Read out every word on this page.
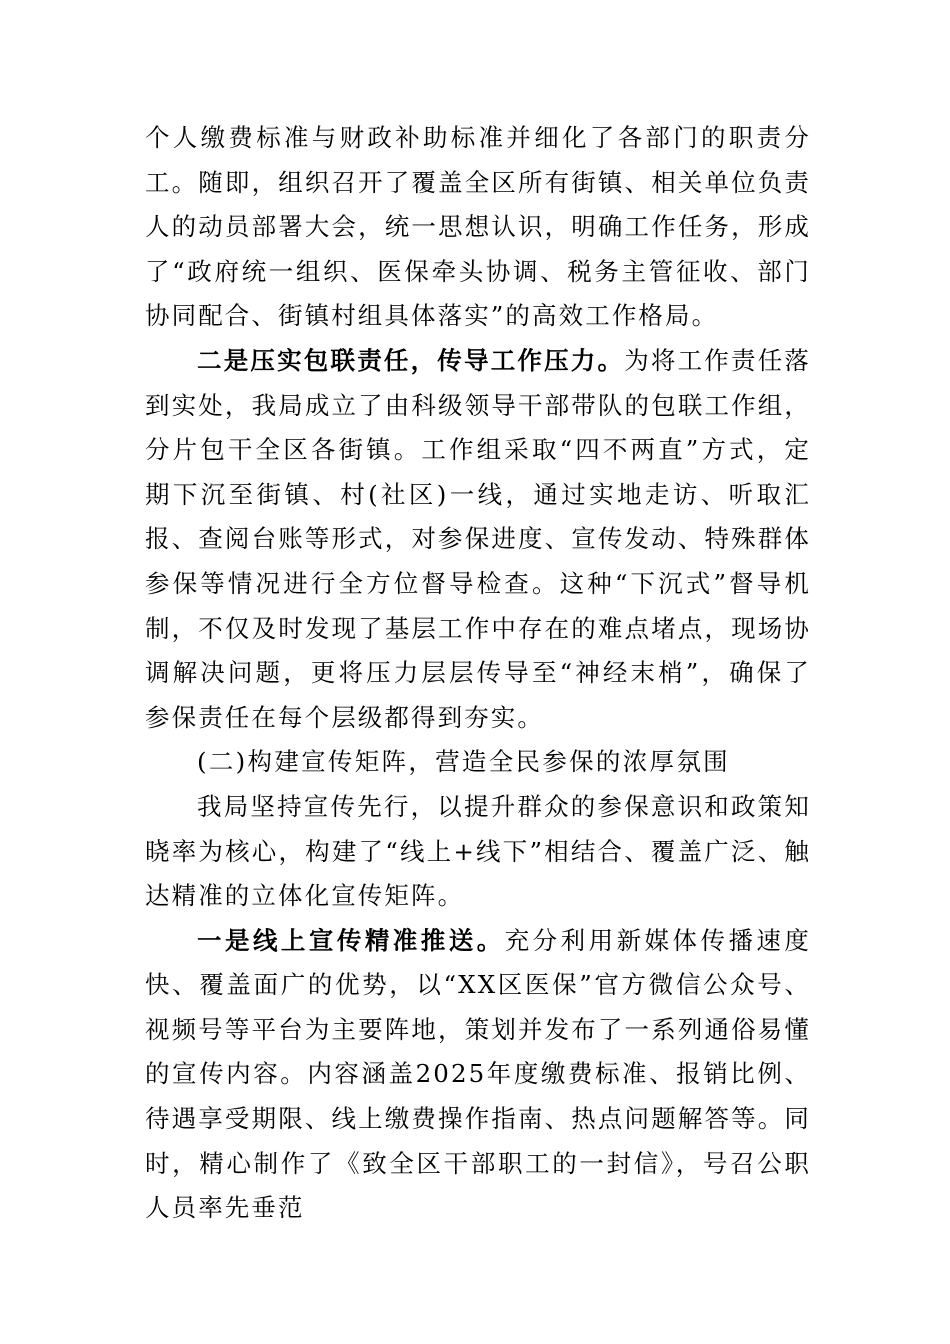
个人缴费标准与财政补助标准并细化了各部门的职责分工。随即，组织召开了覆盖全区所有街镇、相关单位负责人的动员部署大会，统一思想认识，明确工作任务，形成了“政府统一组织、医保牵头协调、税务主管征收、部门协同配合、街镇村组具体落实”的高效工作格局。

二是压实包联责任，传导工作压力。为将工作责任落到实处，我局成立了由科级领导干部带队的包联工作组，分片包干全区各街镇。工作组采取“四不两直”方式，定期下沉至街镇、村(社区)一线，通过实地走访、听取汇报、查阅台账等形式，对参保进度、宣传发动、特殊群体参保等情况进行全方位督导检查。这种“下沉式”督导机制，不仅及时发现了基层工作中存在的难点堵点，现场协调解决问题，更将压力层层传导至“神经末梢”，确保了参保责任在每个层级都得到夯实。

(二)构建宣传矩阵，营造全民参保的浓厚氛围

我局坚持宣传先行，以提升群众的参保意识和政策知晓率为核心，构建了“线上+线下”相结合、覆盖广泛、触达精准的立体化宣传矩阵。

一是线上宣传精准推送。充分利用新媒体传播速度快、覆盖面广的优势，以“XX区医保”官方微信公众号、视频号等平台为主要阵地，策划并发布了一系列通俗易懂的宣传内容。内容涵盖2025年度缴费标准、报销比例、待遇享受期限、线上缴费操作指南、热点问题解答等。同时，精心制作了《致全区干部职工的一封信》，号召公职人员率先垂范
